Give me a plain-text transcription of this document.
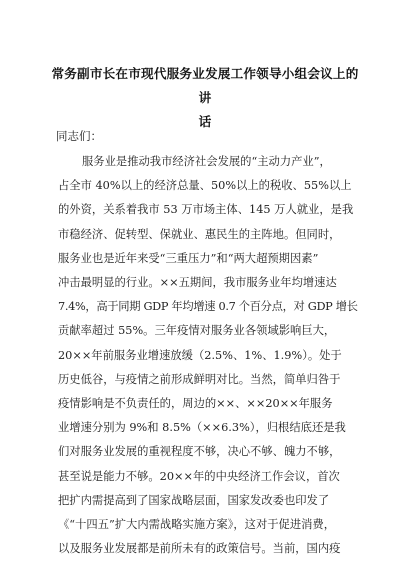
常务副市长在市现代服务业发展工作领导小组会议上的讲
话
同志们：
服务业是推动我市经济社会发展的“主动力产业”，
占全市 40%以上的经济总量、50%以上的税收、55%以上
的外资，关系着我市 53 万市场主体、145 万人就业，是我
市稳经济、促转型、保就业、惠民生的主阵地。但同时，
服务业也是近年来受“三重压力”和“两大超预期因素”
冲击最明显的行业。××五期间，我市服务业年均增速达
7.4%，高于同期 GDP 年均增速 0.7 个百分点，对 GDP 增长
贡献率超过 55%。三年疫情对服务业各领域影响巨大，
20××年前服务业增速放缓（2.5%、1%、1.9%）。处于
历史低谷，与疫情之前形成鲜明对比。当然，简单归咎于
疫情影响是不负责任的，周边的××、××20××年服务
业增速分别为 9%和 8.5%（××6.3%），归根结底还是我
们对服务业发展的重视程度不够，决心不够、魄力不够，
甚至说是能力不够。20××年的中央经济工作会议，首次
把扩内需提高到了国家战略层面，国家发改委也印发了
《“十四五”扩大内需战略实施方案》，这对于促进消费，
以及服务业发展都是前所未有的政策信号。当前，国内疫
